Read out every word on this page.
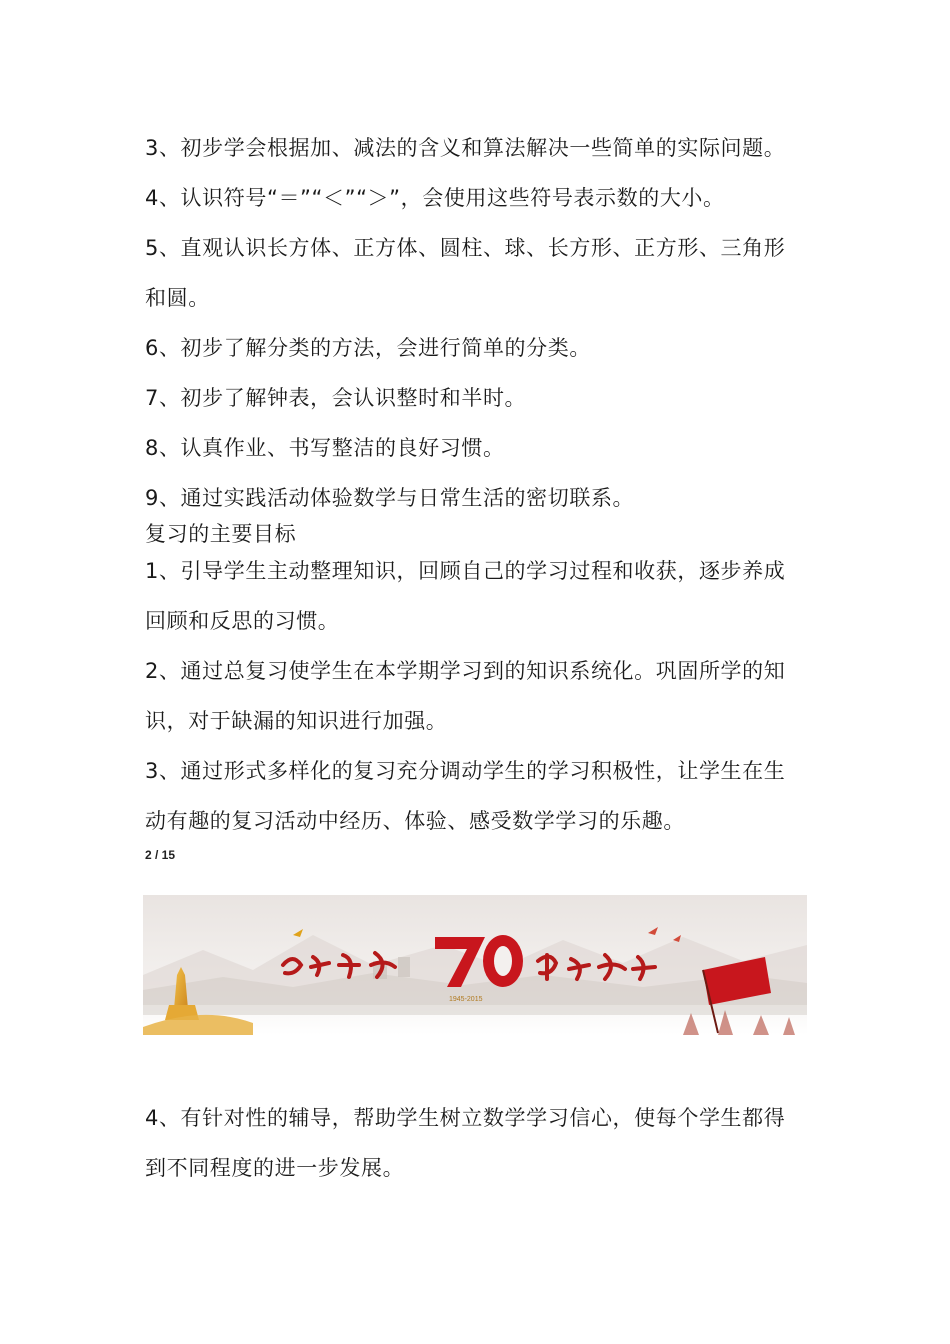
3、初步学会根据加、减法的含义和算法解决一些简单的实际问题。
4、认识符号“＝”“＜”“＞”，会使用这些符号表示数的大小。
5、直观认识长方体、正方体、圆柱、球、长方形、正方形、三角形
和圆。
6、初步了解分类的方法，会进行简单的分类。
7、初步了解钟表，会认识整时和半时。
8、认真作业、书写整洁的良好习惯。
9、通过实践活动体验数学与日常生活的密切联系。
复习的主要目标
1、引导学生主动整理知识，回顾自己的学习过程和收获，逐步养成
回顾和反思的习惯。
2、通过总复习使学生在本学期学习到的知识系统化。巩固所学的知
识，对于缺漏的知识进行加强。
3、通过形式多样化的复习充分调动学生的学习积极性，让学生在生
动有趣的复习活动中经历、体验、感受数学学习的乐趣。
2 / 15
1945-2015
4、有针对性的辅导，帮助学生树立数学学习信心，使每个学生都得
到不同程度的进一步发展。
